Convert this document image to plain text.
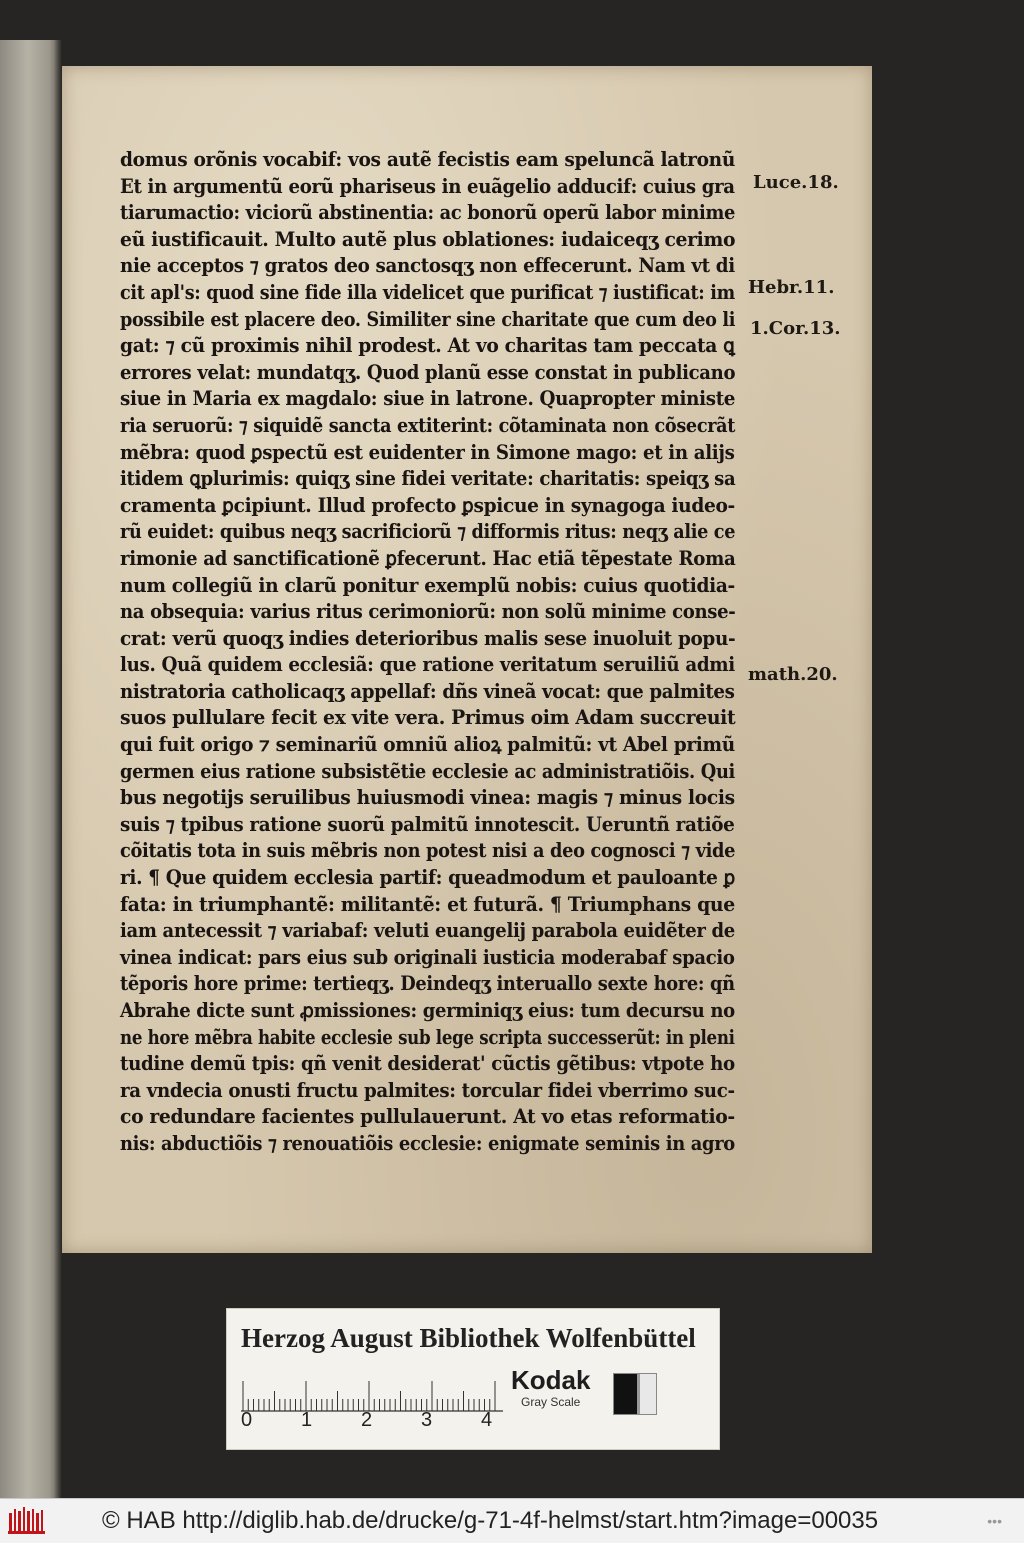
domus orõnis vocabif: vos autẽ fecistis eam speluncã latronũ
Et in argumentũ eorũ phariseus in euãgelio adducif: cuius gra
tiarumactio: viciorũ abstinentia: ac bonorũ operũ labor minime
eũ iustificauit. Multo autẽ plus oblationes: iudaiceqʒ cerimo
nie acceptos ⁊ gratos deo sanctosqʒ non effecerunt. Nam vt di
cit apl's: quod sine fide illa videlicet que purificat ⁊ iustificat: im
possibile est placere deo. Similiter sine charitate que cum deo li
gat: ⁊ cũ proximis nihil prodest. At vo charitas tam peccata ꝗ
errores velat: mundatqʒ. Quod planũ esse constat in publicano
siue in Maria ex magdalo: siue in latrone. Quapropter ministe
ria seruorũ: ⁊ siquidẽ sancta extiterint: cõtaminata non cõsecrãt
mẽbra: quod ꝑspectũ est euidenter in Simone mago: et in alijs
itidem ꝗplurimis: quiqʒ sine fidei veritate: charitatis: speiqʒ sa
cramenta ꝑcipiunt. Illud profecto ꝑspicue in synagoga iudeo-
rũ euidet: quibus neqʒ sacrificiorũ ⁊ difformis ritus: neqʒ alie ce
rimonie ad sanctificationẽ ꝑfecerunt. Hac etiã tẽpestate Roma
num collegiũ in clarũ ponitur exemplũ nobis: cuius quotidia-
na obsequia: varius ritus cerimoniorũ: non solũ minime conse-
crat: verũ quoqʒ indies deterioribus malis sese inuoluit popu-
lus. Quã quidem ecclesiã: que ratione veritatum seruiliũ admi
nistratoria catholicaqʒ appellaf: dñs vineã vocat: que palmites
suos pullulare fecit ex vite vera. Primus oim Adam succreuit
qui fuit origo ⁊ seminariũ omniũ alioꝝ palmitũ: vt Abel primũ
germen eius ratione subsistẽtie ecclesie ac administratiõis. Qui
bus negotijs seruilibus huiusmodi vinea: magis ⁊ minus locis
suis ⁊ tpibus ratione suorũ palmitũ innotescit. Ueruntñ ratiõe
cõitatis tota in suis mẽbris non potest nisi a deo cognosci ⁊ vide
ri. ¶ Que quidem ecclesia partif: queadmodum et pauloante ꝑ
fata: in triumphantẽ: militantẽ: et futurã. ¶ Triumphans que
iam antecessit ⁊ variabaf: veluti euangelij parabola euidẽter de
vinea indicat: pars eius sub originali iusticia moderabaf spacio
tẽporis hore prime: tertieqʒ. Deindeqʒ interuallo sexte hore: qñ
Abrahe dicte sunt ꝓmissiones: germiniqʒ eius: tum decursu no
ne hore mẽbra habite ecclesie sub lege scripta successerũt: in pleni
tudine demũ tpis: qñ venit desiderat' cũctis gẽtibus: vtpote ho
ra vndecia onusti fructu palmites: torcular fidei vberrimo suc-
co redundare facientes pullulauerunt. At vo etas reformatio-
nis: abductiõis ⁊ renouatiõis ecclesie: enigmate seminis in agro
Luce.18.
Hebr.11.
1.Cor.13.
math.20.
Herzog August Bibliothek Wolfenbüttel
0 1 2 3 4
Kodak
Gray Scale
© HAB http://diglib.hab.de/drucke/g-71-4f-helmst/start.htm?image=00035	•••
